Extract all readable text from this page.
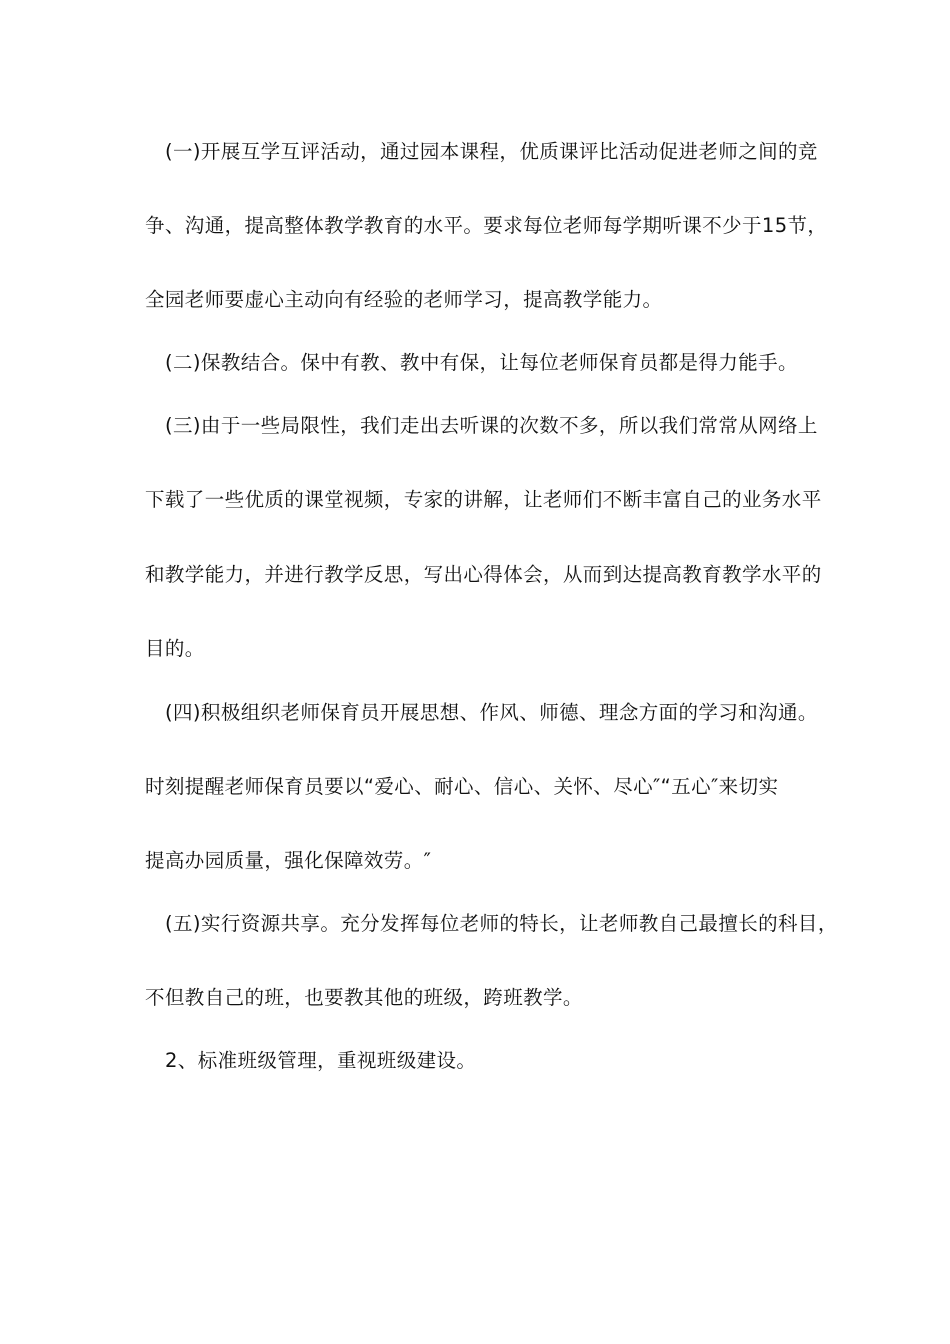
(一)开展互学互评活动，通过园本课程，优质课评比活动促进老师之间的竞
争、沟通，提高整体教学教育的水平。要求每位老师每学期听课不少于15节，
全园老师要虚心主动向有经验的老师学习，提高教学能力。
(二)保教结合。保中有教、教中有保，让每位老师保育员都是得力能手。
(三)由于一些局限性，我们走出去听课的次数不多，所以我们常常从网络上
下载了一些优质的课堂视频，专家的讲解，让老师们不断丰富自己的业务水平
和教学能力，并进行教学反思，写出心得体会，从而到达提高教育教学水平的
目的。
(四)积极组织老师保育员开展思想、作风、师德、理念方面的学习和沟通。
时刻提醒老师保育员要以“爱心、耐心、信心、关怀、尽心″“五心″来切实
提高办园质量，强化保障效劳。″
(五)实行资源共享。充分发挥每位老师的特长，让老师教自己最擅长的科目，
不但教自己的班，也要教其他的班级，跨班教学。
2、标准班级管理，重视班级建设。
